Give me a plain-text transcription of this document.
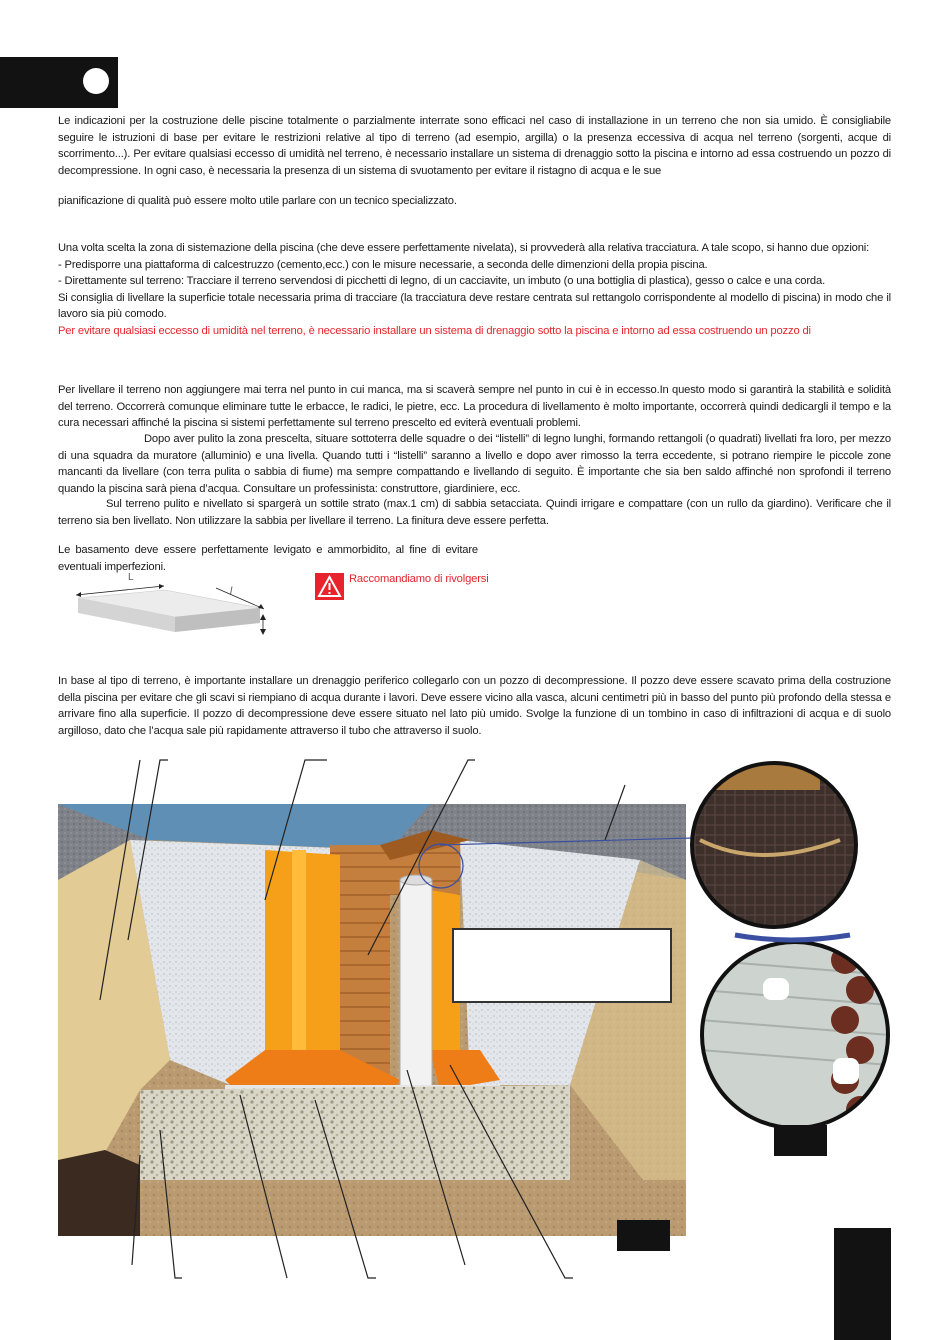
Le indicazioni per la costruzione delle piscine totalmente o parzialmente interrate sono efficaci nel caso di installazione in un terreno che non sia umido. È consigliabile seguire le istruzioni di base per evitare le restrizioni relative al tipo di terreno (ad esempio, argilla) o la presenza eccessiva di acqua nel terreno (sorgenti, acque di scorrimento...). Per evitare qualsiasi eccesso di umidità nel terreno, è necessario installare un sistema di drenaggio sotto la piscina e intorno ad essa costruendo un pozzo di decompressione. In ogni caso, è necessaria la presenza di un sistema di svuotamento per evitare il ristagno di acqua e le sue

pianificazione di qualità può essere molto utile parlare con un tecnico specializzato.

Una volta scelta la zona di sistemazione della piscina (che deve essere perfettamente nivelata), si provvederà alla relativa tracciatura. A tale scopo, si hanno due opzioni:
- Predisporre una piattaforma di calcestruzzo (cemento,ecc.) con le misure necessarie, a seconda delle dimenzioni della propia piscina.
- Direttamente sul terreno: Tracciare il terreno servendosi di picchetti di legno, di un cacciavite, un imbuto (o una bottiglia di plastica), gesso o calce e una corda.
Si consiglia di livellare la superficie totale necessaria prima di tracciare (la tracciatura deve restare centrata sul rettangolo corrispondente al modello di piscina) in modo che il lavoro sia più comodo.
Per evitare qualsiasi eccesso di umidità nel terreno, è necessario installare un sistema di drenaggio sotto la piscina e intorno ad essa costruendo un pozzo di

Per livellare il terreno non aggiungere mai terra nel punto in cui manca, ma si scaverà sempre nel punto in cui è in eccesso.In questo modo si garantirà la stabilità e solidità del terreno. Occorrerà comunque eliminare tutte le erbacce, le radici, le pietre, ecc. La procedura di livellamento è molto importante, occorrerà quindi dedicargli il tempo e la cura necessari affinché la piscina si sistemi perfettamente sul terreno prescelto ed eviterà eventuali problemi.

Dopo aver pulito la zona prescelta, situare sottoterra delle squadre o dei “listelli” di legno lunghi, formando rettangoli (o quadrati) livellati fra loro, per mezzo di una squadra da muratore (alluminio) e una livella. Quando tutti i “listelli” saranno a livello e dopo aver rimosso la terra eccedente, si potrano riempire le piccole zone mancanti da livellare (con terra pulita o sabbia di fiume) ma sempre compattando e livellando di seguito. È importante che sia ben saldo affinché non sprofondi il terreno quando la piscina sarà piena d’acqua. Consultare un professinista: construttore, giardiniere, ecc.

Sul terreno pulito e nivellato si spargerà un sottile strato (max.1 cm) di sabbia setacciata. Quindi irrigare e compattare (con un rullo da giardino). Verificare che il terreno sia ben livellato. Non utilizzare la sabbia per livellare il terreno. La finitura deve essere perfetta.

Le basamento deve essere perfettamente levigato e ammorbidito, al fine di evitare eventuali imperfezioni.

L
l
Raccomandiamo di rivolgersi

In base al tipo di terreno, è importante installare un drenaggio periferico collegarlo con un pozzo di decompressione. Il pozzo deve essere scavato prima della costruzione della piscina per evitare che gli scavi si riempiano di acqua durante i lavori. Deve essere vicino alla vasca, alcuni centimetri più in basso del punto più profondo della stessa e arrivare fino alla superficie. Il pozzo di decompressione deve essere situato nel lato più umido. Svolge la funzione di un tombino in caso di infiltrazioni di acqua e di suolo argilloso, dato che l’acqua sale più rapidamente attraverso il tubo che attraverso il suolo.
